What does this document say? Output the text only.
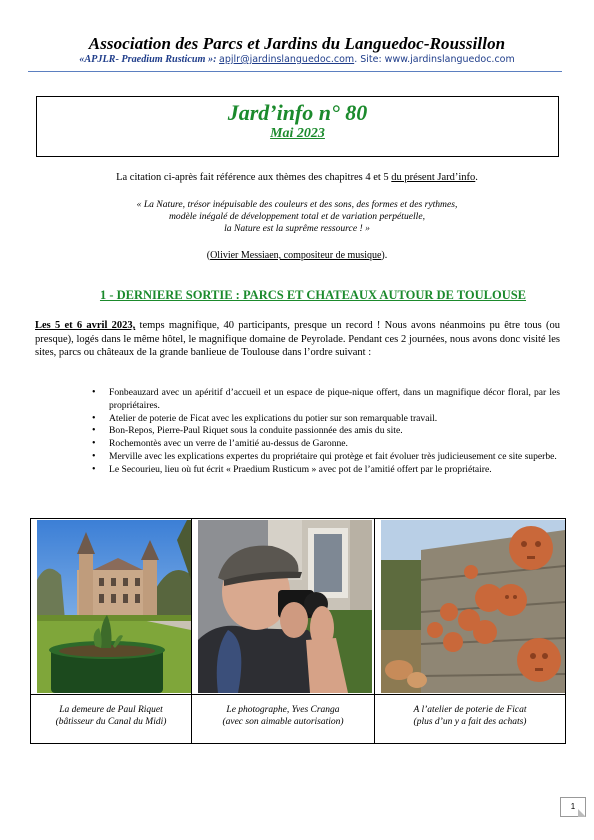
Association des Parcs et Jardins du Languedoc-Roussillon
«APJLR- Praedium Rusticum »: apjlr@jardinslanguedoc.com. Site: www.jardinslanguedoc.com
Jard’info n° 80
Mai 2023
La citation ci-après fait référence aux thèmes des chapitres 4 et 5 du présent Jard’info.
« La Nature, trésor inépuisable des couleurs et des sons, des formes et des rythmes,
modèle inégalé de développement total et de variation perpétuelle,
la Nature est la suprême ressource ! »
(Olivier Messiaen, compositeur de musique).
1 - DERNIERE SORTIE : PARCS ET CHATEAUX AUTOUR DE TOULOUSE
Les 5 et 6 avril 2023, temps magnifique, 40 participants, presque un record ! Nous avons néanmoins pu être tous (ou presque), logés dans le même hôtel, le magnifique domaine de Peyrolade. Pendant ces 2 journées, nous avons donc visité les sites, parcs ou châteaux de la grande banlieue de Toulouse dans l’ordre suivant :
• Fonbeauzard avec un apéritif d’accueil et un espace de pique-nique offert, dans un magnifique décor floral, par les propriétaires.
• Atelier de poterie de Ficat avec les explications du potier sur son remarquable travail.
• Bon-Repos, Pierre-Paul Riquet sous la conduite passionnée des amis du site.
• Rochemontès avec un verre de l’amitié au-dessus de Garonne.
• Merville avec les explications expertes du propriétaire qui protège et fait évoluer très judicieusement ce site superbe.
• Le Secourieu, lieu où fut écrit « Praedium Rusticum » avec pot de l’amitié offert par le propriétaire.
La demeure de Paul Riquet
(bâtisseur du Canal du Midi)
Le photographe, Yves Cranga
(avec son aimable autorisation)
A l’atelier de poterie de Ficat
(plus d’un y a fait des achats)
1
